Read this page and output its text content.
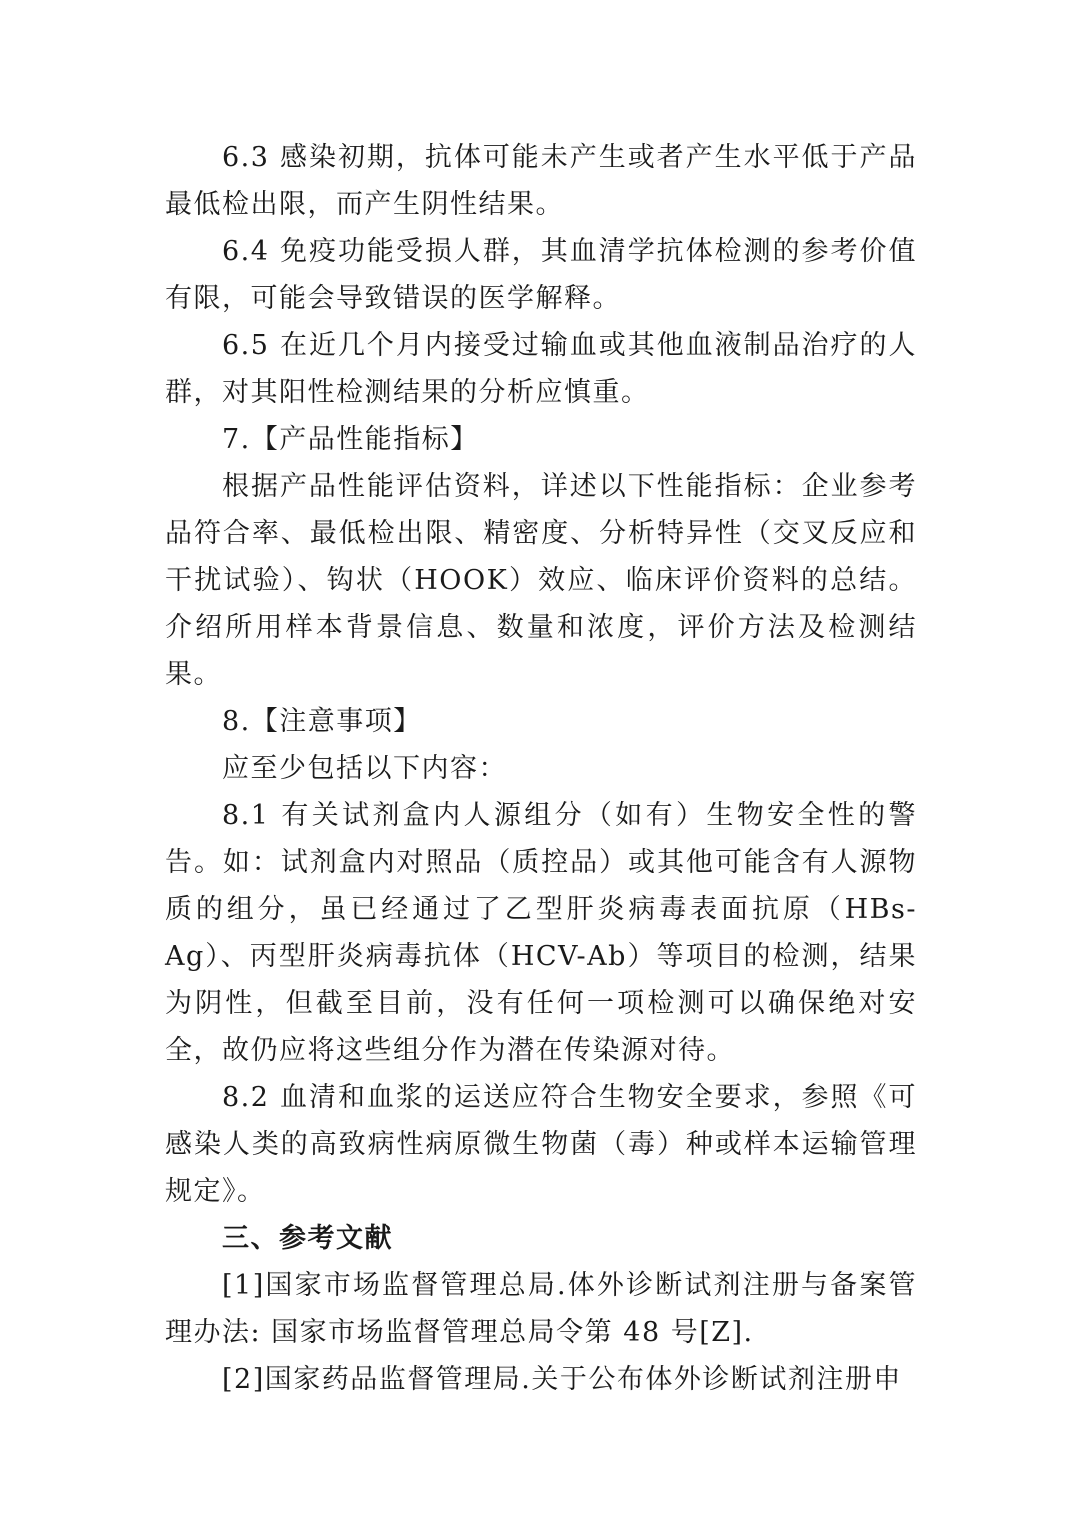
6.3 感染初期，抗体可能未产生或者产生水平低于产品最低检出限，而产生阴性结果。

6.4 免疫功能受损人群，其血清学抗体检测的参考价值有限，可能会导致错误的医学解释。

6.5 在近几个月内接受过输血或其他血液制品治疗的人群，对其阳性检测结果的分析应慎重。

7.【产品性能指标】

根据产品性能评估资料，详述以下性能指标：企业参考品符合率、最低检出限、精密度、分析特异性（交叉反应和干扰试验）、钩状（HOOK）效应、临床评价资料的总结。介绍所用样本背景信息、数量和浓度，评价方法及检测结果。

8.【注意事项】

应至少包括以下内容：

8.1 有关试剂盒内人源组分（如有）生物安全性的警告。如：试剂盒内对照品（质控品）或其他可能含有人源物质的组分，虽已经通过了乙型肝炎病毒表面抗原（HBs-Ag）、丙型肝炎病毒抗体（HCV-Ab）等项目的检测，结果为阴性，但截至目前，没有任何一项检测可以确保绝对安全，故仍应将这些组分作为潜在传染源对待。

8.2 血清和血浆的运送应符合生物安全要求，参照《可感染人类的高致病性病原微生物菌（毒）种或样本运输管理规定》。

三、参考文献

[1]国家市场监督管理总局.体外诊断试剂注册与备案管理办法: 国家市场监督管理总局令第 48 号[Z].

[2]国家药品监督管理局.关于公布体外诊断试剂注册申
